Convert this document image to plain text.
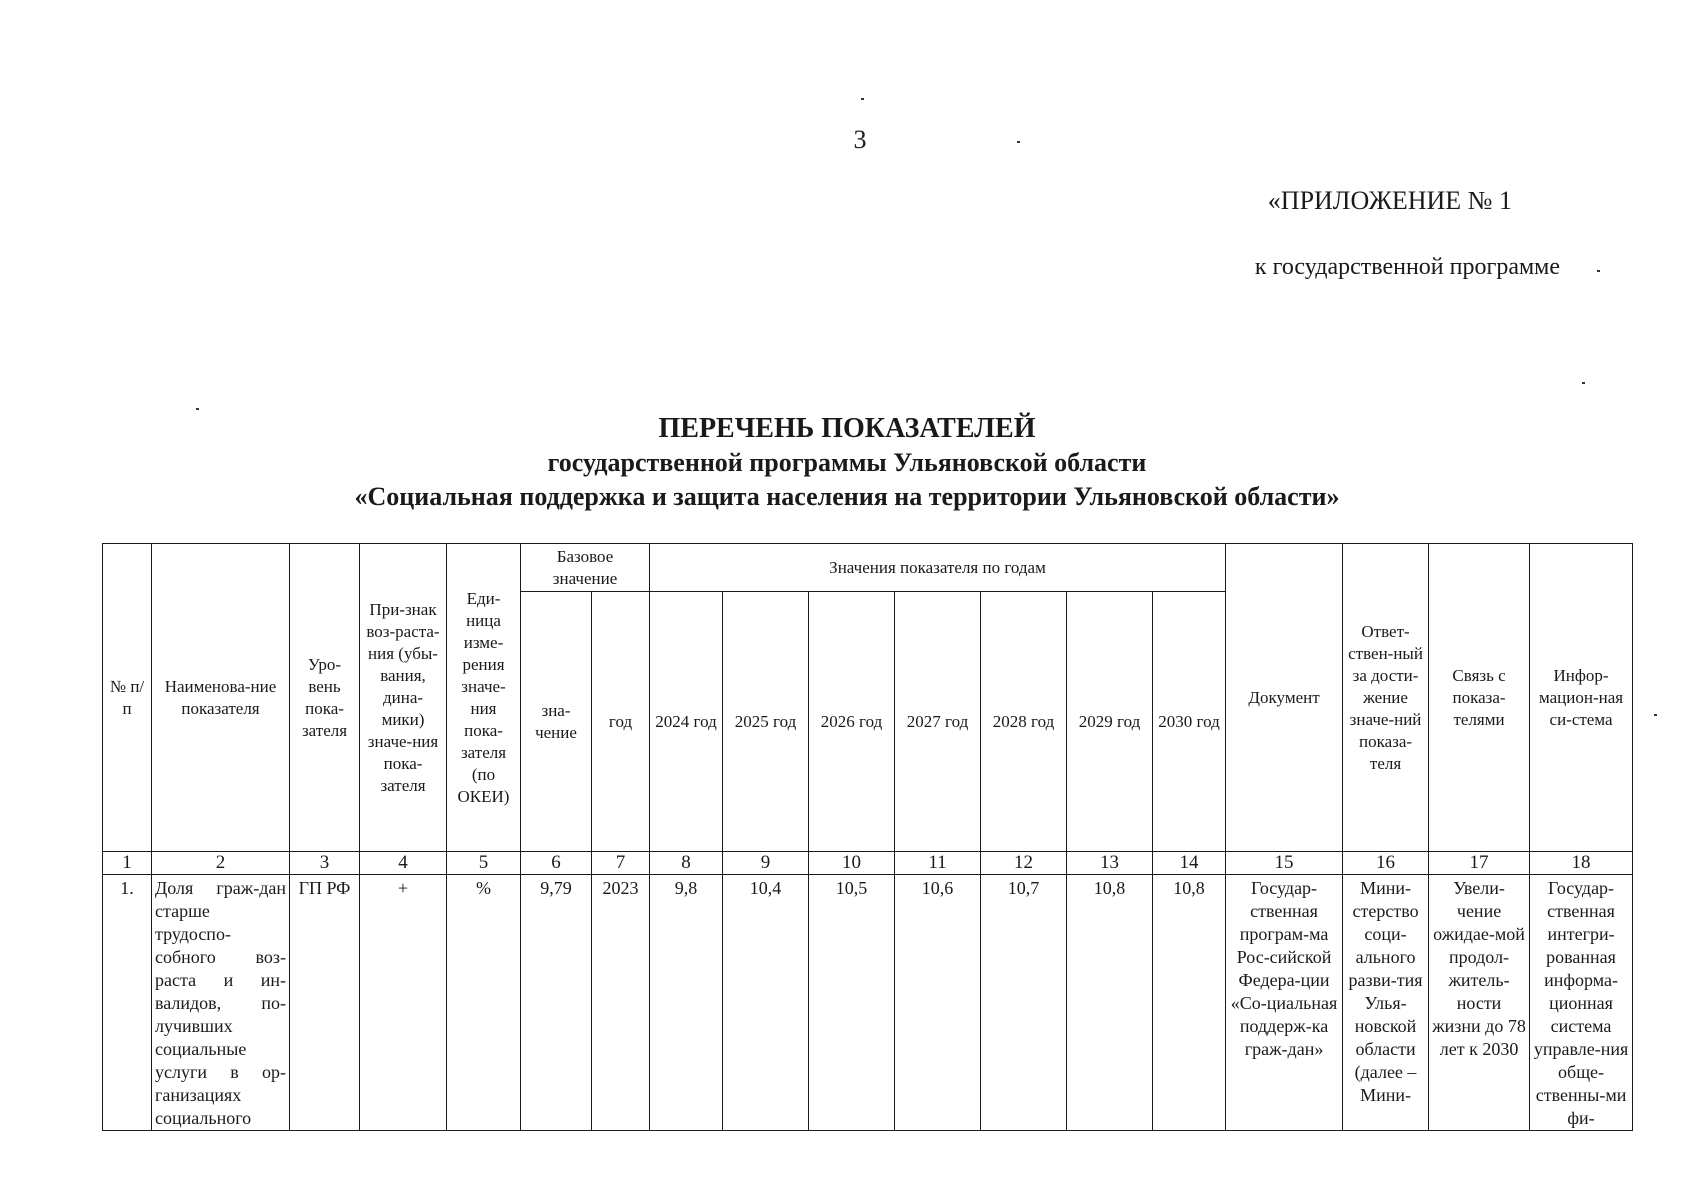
3
«ПРИЛОЖЕНИЕ № 1
к государственной программе
ПЕРЕЧЕНЬ ПОКАЗАТЕЛЕЙ
государственной программы Ульяновской области
«Социальная поддержка и защита населения на территории Ульяновской области»
№ п/п	Наименова-ние показателя	Уро-вень пока-зателя	При-знак воз-раста-ния (убы-вания, дина-мики) значе-ния пока-зателя	Еди-ница изме-рения значе-ния пока-зателя (по ОКЕИ)	Базовое значение		Значения показателя по годам							Документ	Ответ-ствен-ный за дости-жение значе-ний показа-теля	Связь с показа-телями	Инфор-мацион-ная си-стема
					зна-чение	год	2024 год	2025 год	2026 год	2027 год	2028 год	2029 год	2030 год				
1	2	3	4	5	6	7	8	9	10	11	12	13	14	15	16	17	18
1.	Доля граж-дан старше трудоспо-собного воз-раста и ин-валидов, по-лучивших социальные услуги в ор-ганизациях социального	ГП РФ	+	%	9,79	2023	9,8	10,4	10,5	10,6	10,7	10,8	10,8	Государ-ственная програм-ма Рос-сийской Федера-ции «Со-циальная поддерж-ка граж-дан»	Мини-стерство соци-ального разви-тия Улья-новской области (далее – Мини-	Увели-чение ожидае-мой продол-житель-ности жизни до 78 лет к 2030	Государ-ственная интегри-рованная информа-ционная система управле-ния обще-ственны-ми фи-
